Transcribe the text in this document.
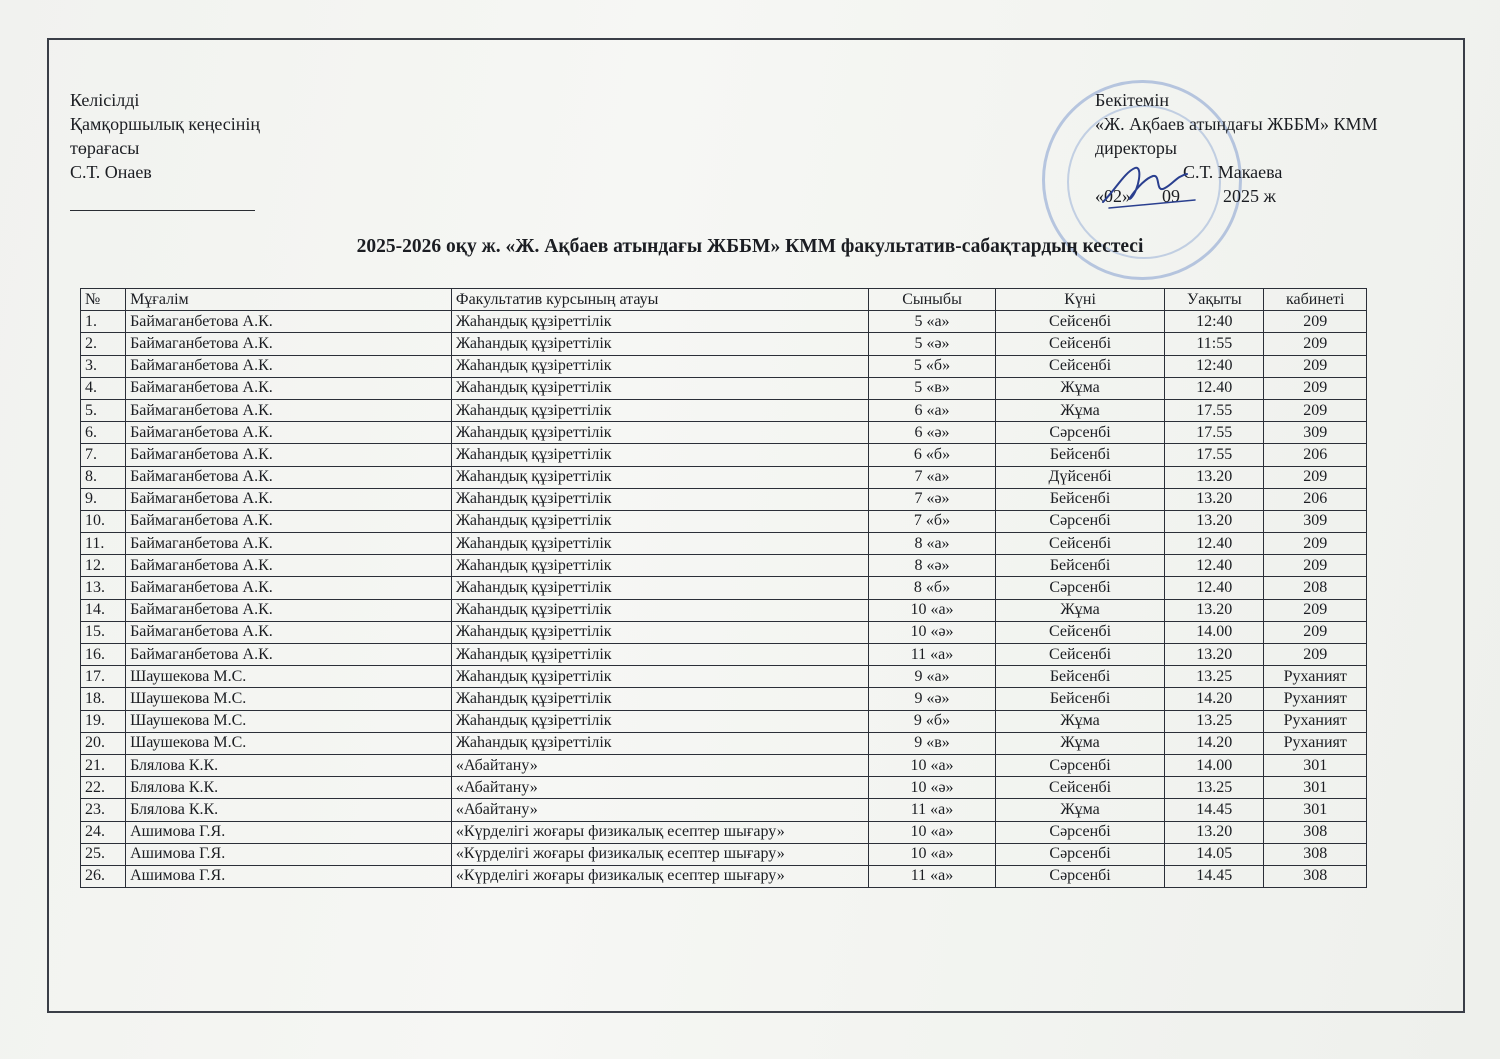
Келісілді
Қамқоршылық кеңесінің
төрағасы
С.Т. Онаев
Бекітемін
«Ж. Ақбаев атындағы ЖББМ» КММ
директоры
С.Т. Макаева
«02» 09 2025 ж
2025-2026 оқу ж. «Ж. Ақбаев атындағы ЖББМ» КММ факультатив-сабақтардың кестесі
№	Мұғалім	Факультатив курсының атауы	Сыныбы	Күні	Уақыты	кабинеті
1.	Баймаганбетова А.К.	Жаһандық құзіреттілік	5 «а»	Сейсенбі	12:40	209
2.	Баймаганбетова А.К.	Жаһандық құзіреттілік	5 «ә»	Сейсенбі	11:55	209
3.	Баймаганбетова А.К.	Жаһандық құзіреттілік	5 «б»	Сейсенбі	12:40	209
4.	Баймаганбетова А.К.	Жаһандық құзіреттілік	5 «в»	Жұма	12.40	209
5.	Баймаганбетова А.К.	Жаһандық құзіреттілік	6 «а»	Жұма	17.55	209
6.	Баймаганбетова А.К.	Жаһандық құзіреттілік	6 «ә»	Сәрсенбі	17.55	309
7.	Баймаганбетова А.К.	Жаһандық құзіреттілік	6 «б»	Бейсенбі	17.55	206
8.	Баймаганбетова А.К.	Жаһандық құзіреттілік	7 «а»	Дүйсенбі	13.20	209
9.	Баймаганбетова А.К.	Жаһандық құзіреттілік	7 «ә»	Бейсенбі	13.20	206
10.	Баймаганбетова А.К.	Жаһандық құзіреттілік	7 «б»	Сәрсенбі	13.20	309
11.	Баймаганбетова А.К.	Жаһандық құзіреттілік	8 «а»	Сейсенбі	12.40	209
12.	Баймаганбетова А.К.	Жаһандық құзіреттілік	8 «ә»	Бейсенбі	12.40	209
13.	Баймаганбетова А.К.	Жаһандық құзіреттілік	8 «б»	Сәрсенбі	12.40	208
14.	Баймаганбетова А.К.	Жаһандық құзіреттілік	10 «а»	Жұма	13.20	209
15.	Баймаганбетова А.К.	Жаһандық құзіреттілік	10 «ә»	Сейсенбі	14.00	209
16.	Баймаганбетова А.К.	Жаһандық құзіреттілік	11 «а»	Сейсенбі	13.20	209
17.	Шаушекова М.С.	Жаһандық құзіреттілік	9 «а»	Бейсенбі	13.25	Руханият
18.	Шаушекова М.С.	Жаһандық құзіреттілік	9 «ә»	Бейсенбі	14.20	Руханият
19.	Шаушекова М.С.	Жаһандық құзіреттілік	9 «б»	Жұма	13.25	Руханият
20.	Шаушекова М.С.	Жаһандық құзіреттілік	9 «в»	Жұма	14.20	Руханият
21.	Блялова К.К.	«Абайтану»	10 «а»	Сәрсенбі	14.00	301
22.	Блялова К.К.	«Абайтану»	10 «ә»	Сейсенбі	13.25	301
23.	Блялова К.К.	«Абайтану»	11 «а»	Жұма	14.45	301
24.	Ашимова Г.Я.	«Күрделігі жоғары физикалық есептер шығару»	10 «а»	Сәрсенбі	13.20	308
25.	Ашимова Г.Я.	«Күрделігі жоғары физикалық есептер шығару»	10 «а»	Сәрсенбі	14.05	308
26.	Ашимова Г.Я.	«Күрделігі жоғары физикалық есептер шығару»	11 «а»	Сәрсенбі	14.45	308
